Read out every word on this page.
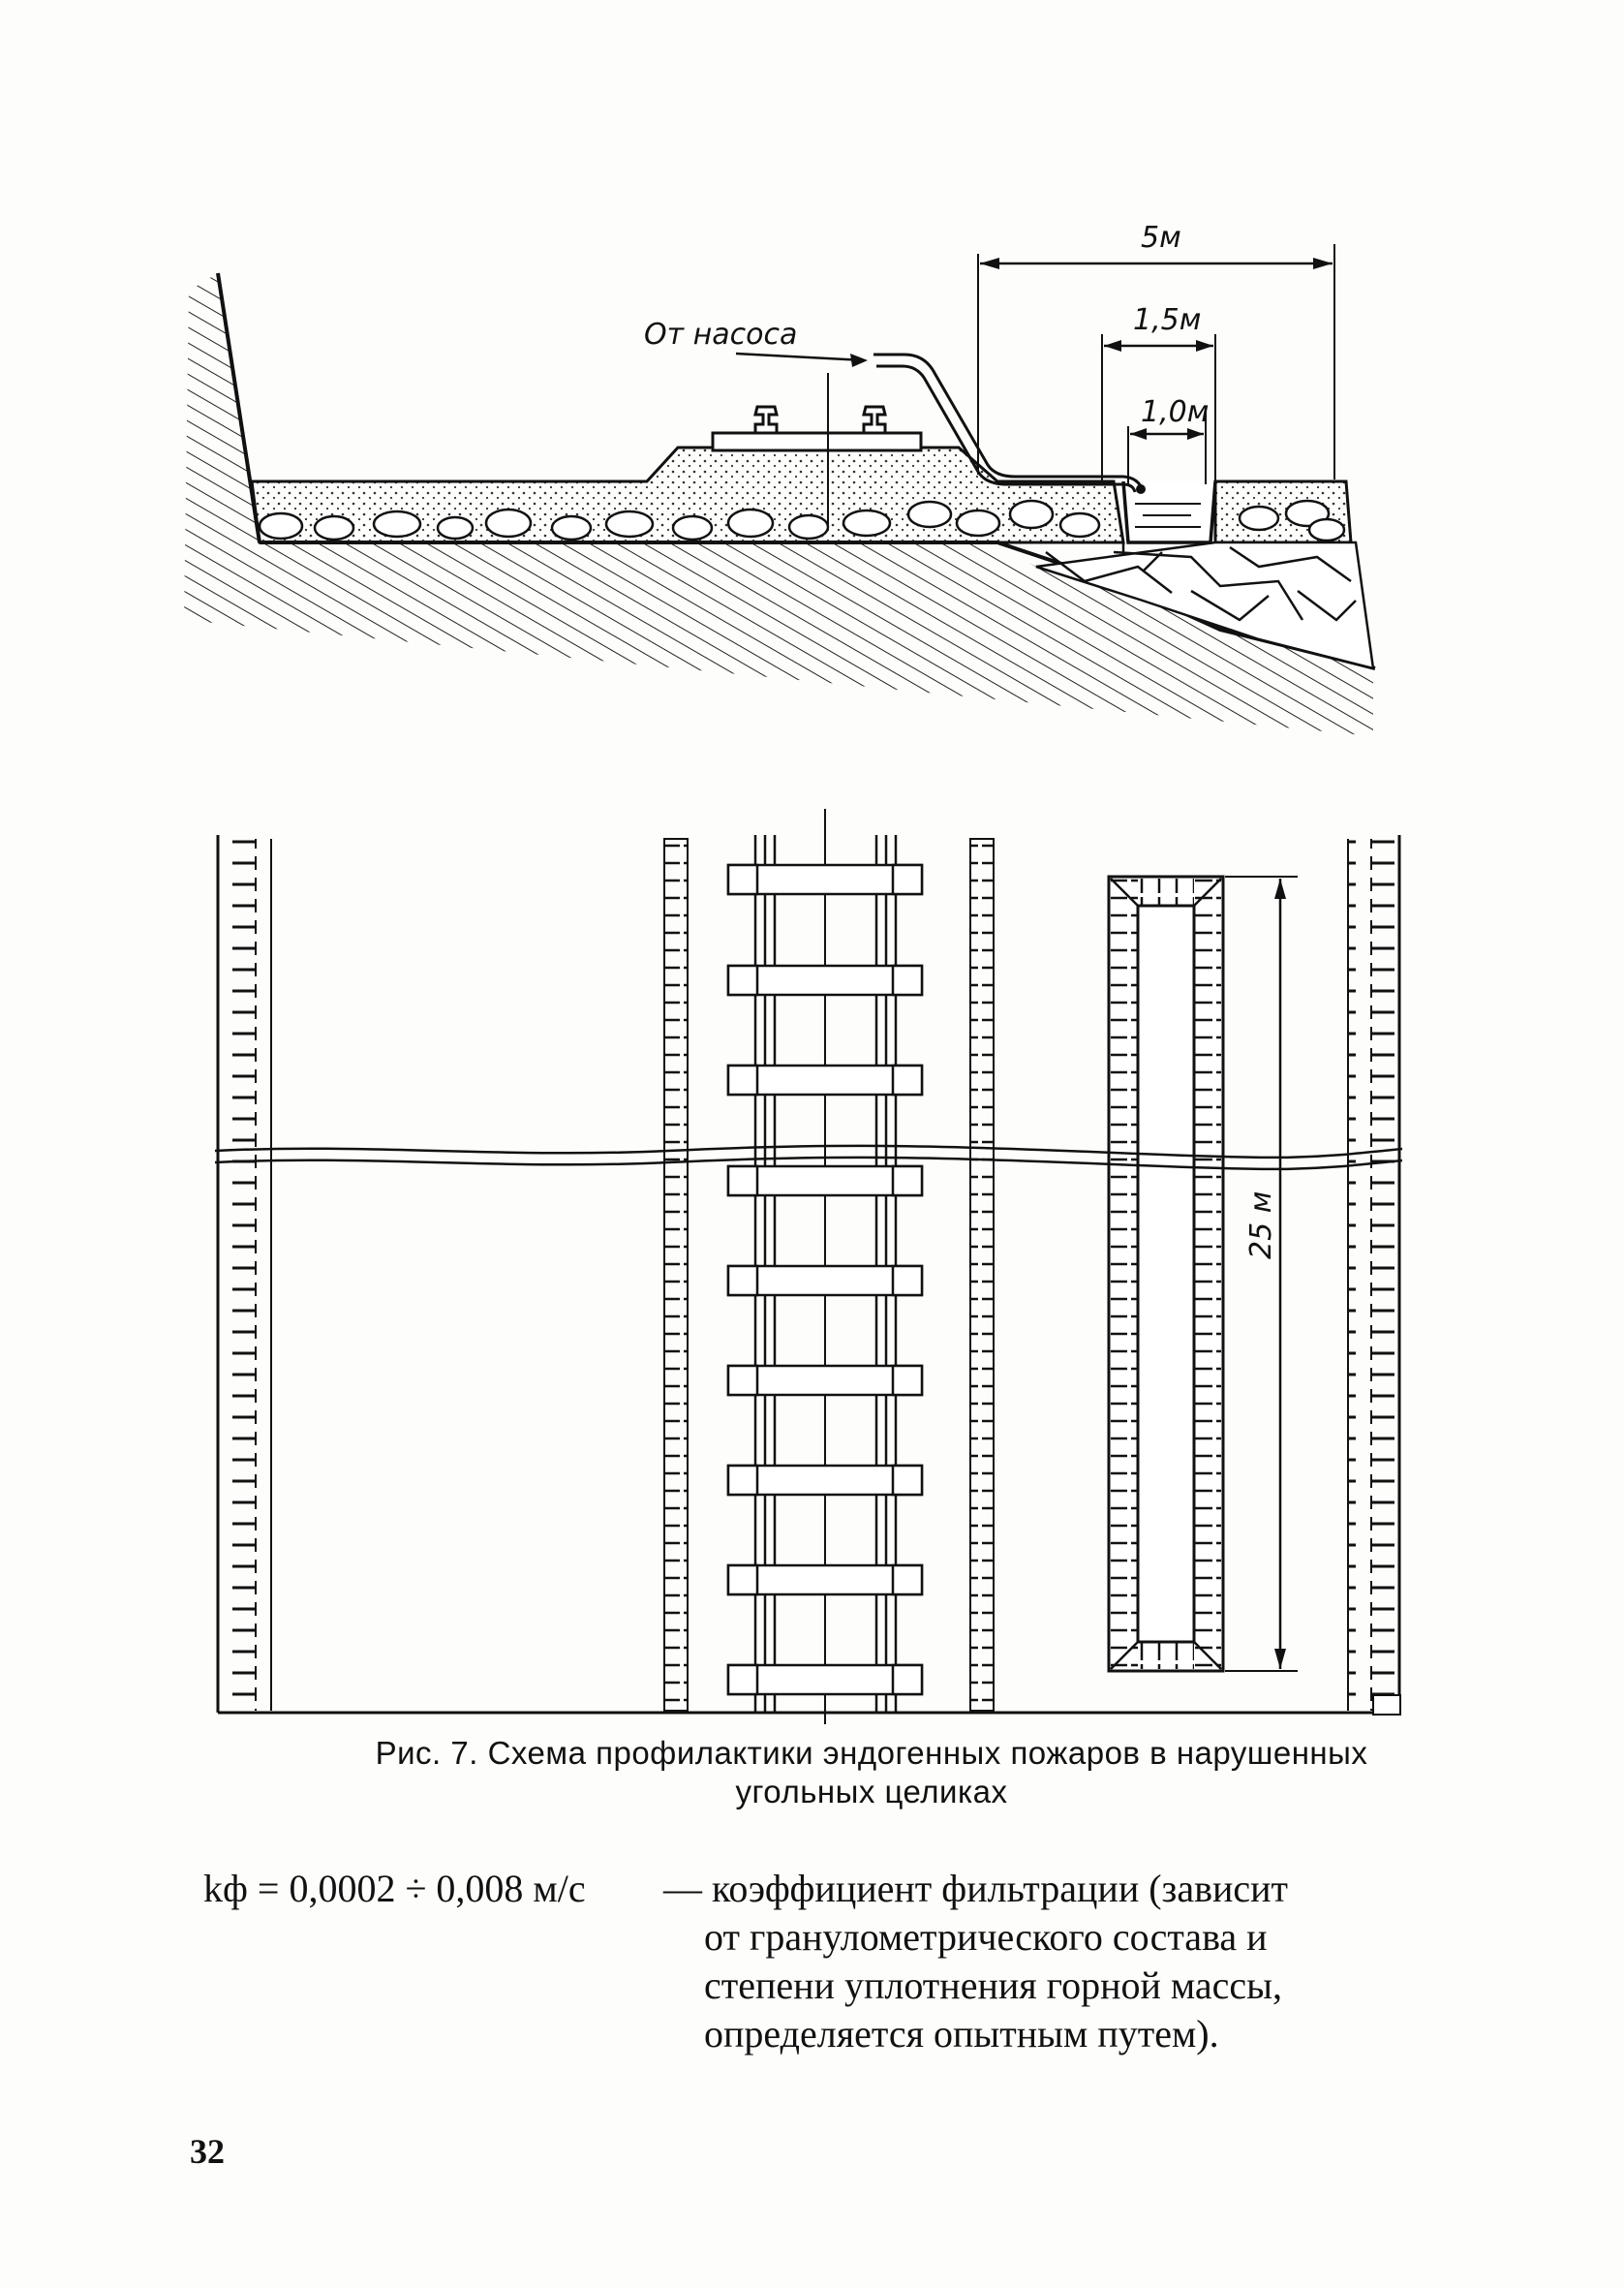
От насоса
5м
1,5м
1,0м
25 м
Рис. 7. Схема профилактики эндогенных пожаров в нарушенных
угольных целиках
kф = 0,0002 ÷ 0,008 м/с — коэффициент фильтрации (зависит
от гранулометрического состава и
степени уплотнения горной массы,
определяется опытным путем).
32
